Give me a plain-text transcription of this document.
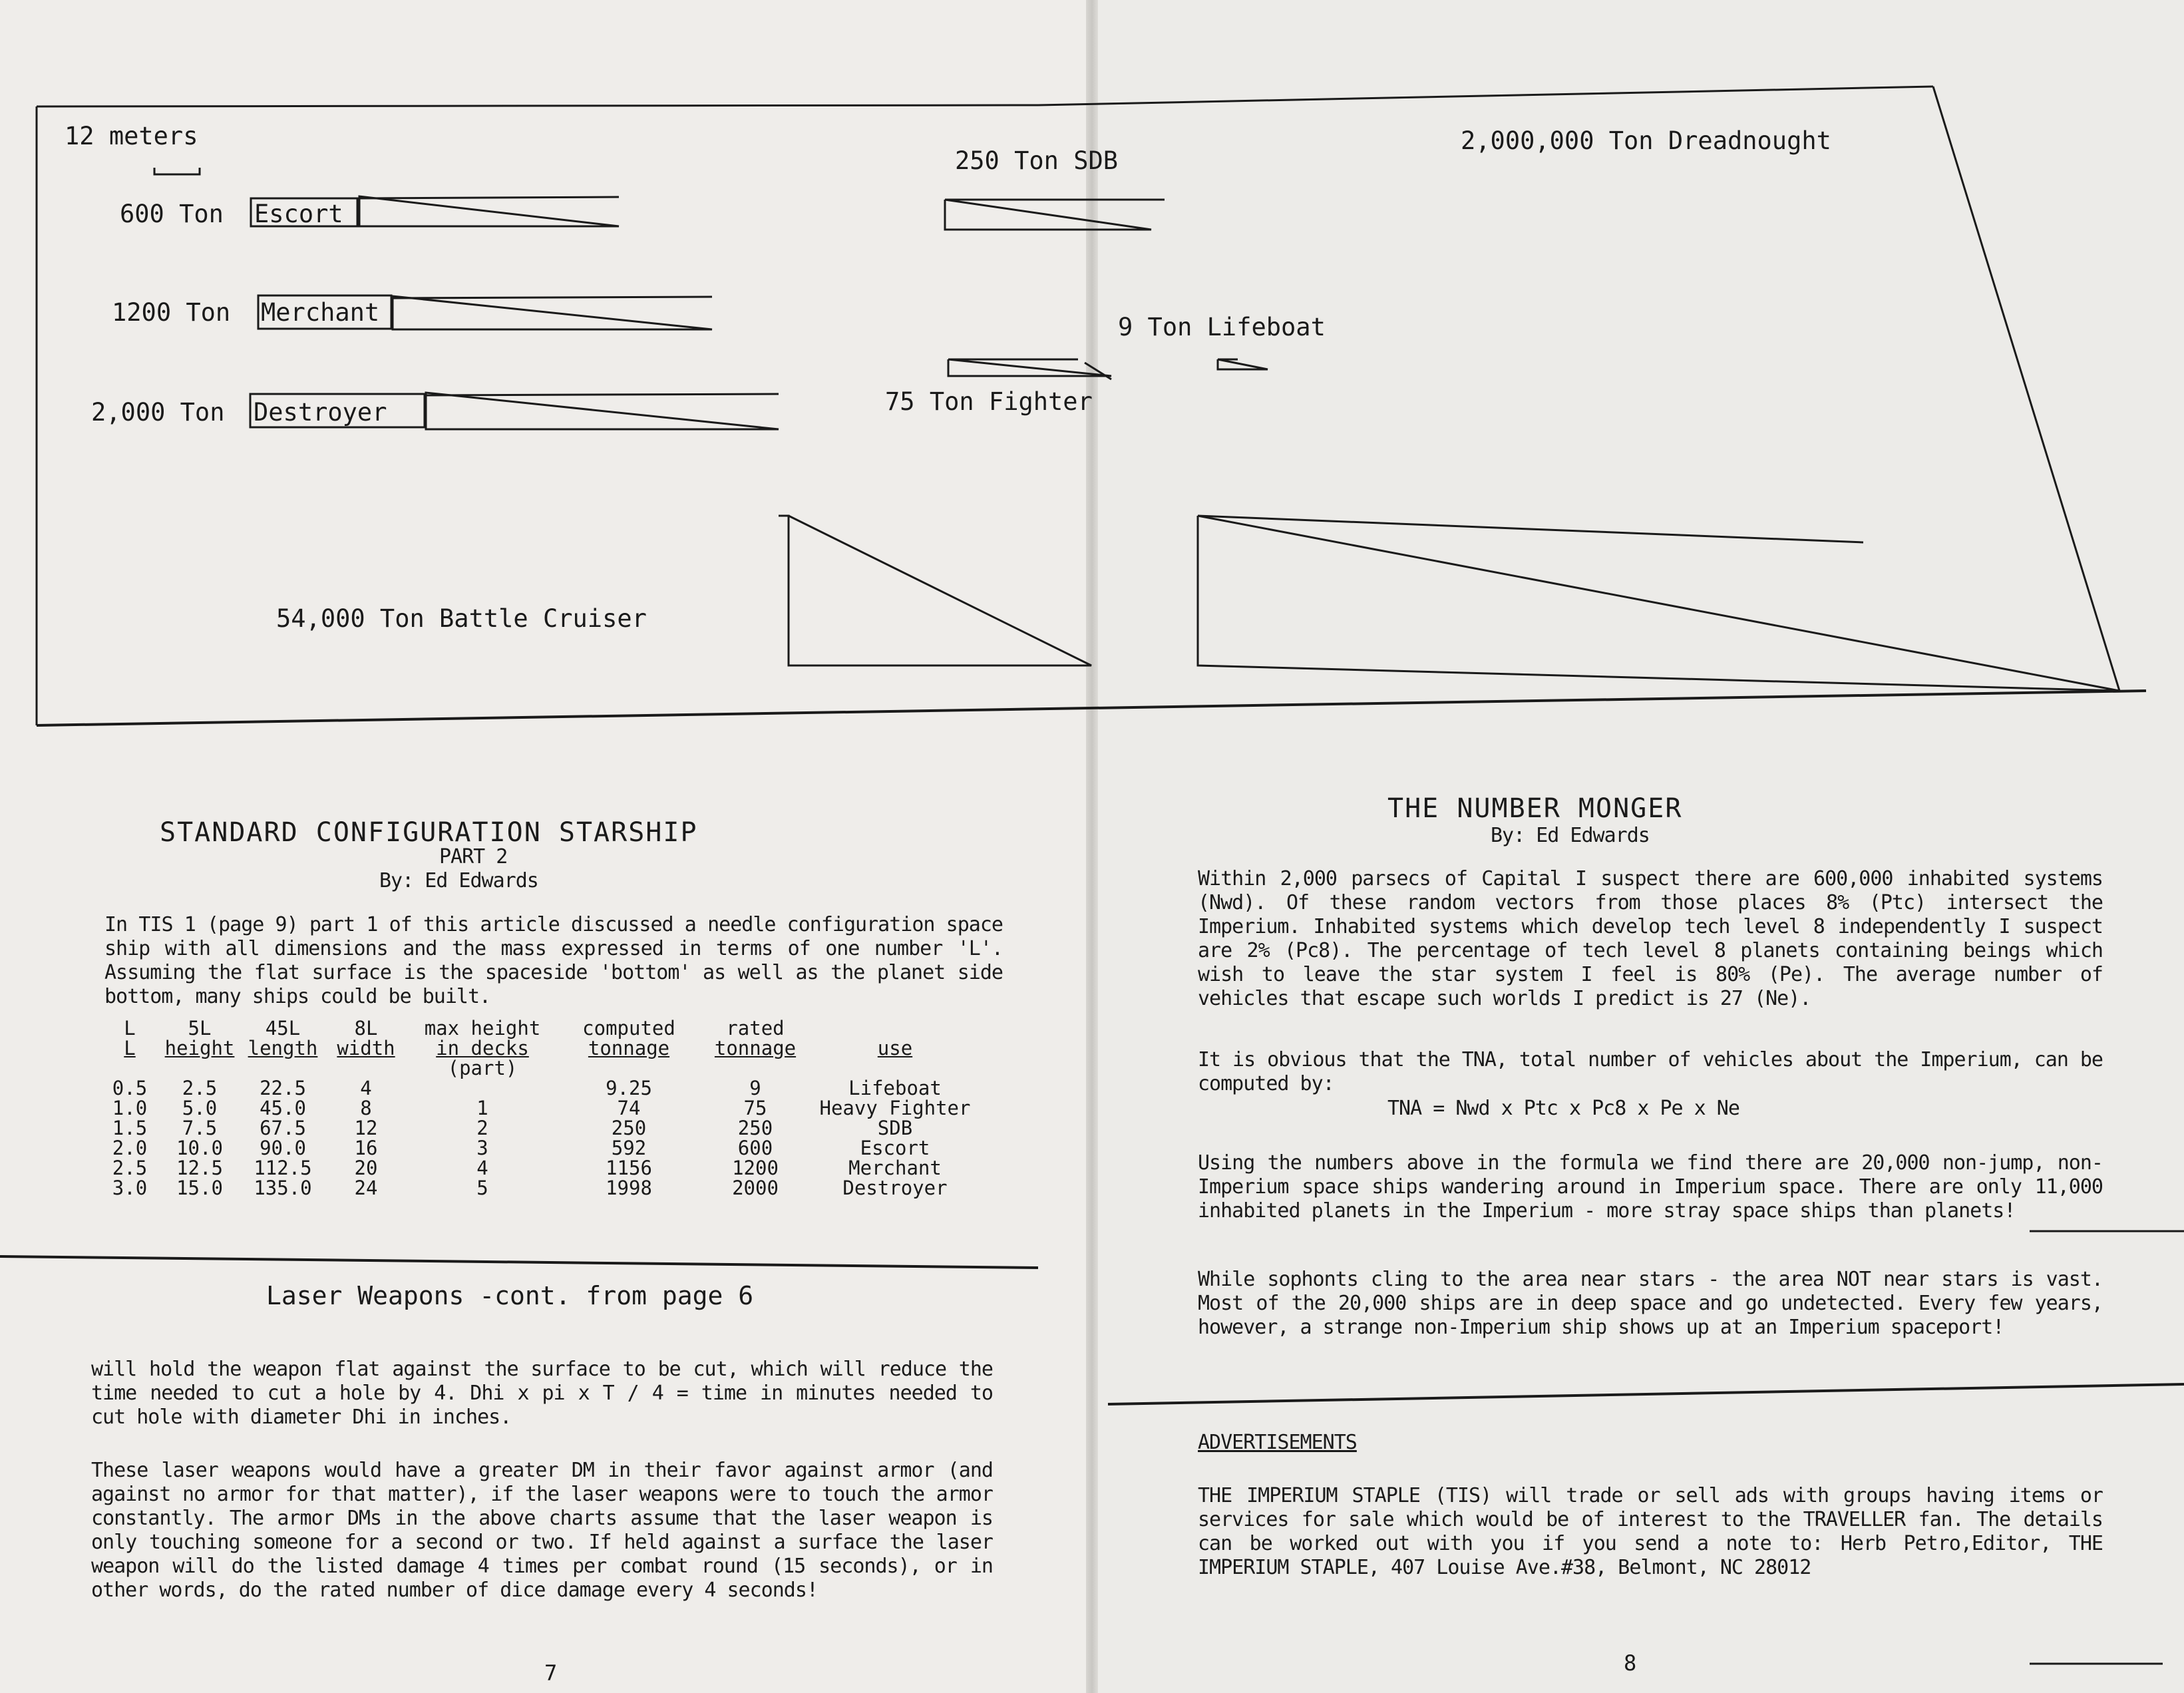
12 meters
600 Ton Escort
1200 Ton Merchant
2,000 Ton Destroyer
54,000 Ton Battle Cruiser
250 Ton SDB
9 Ton Lifeboat
75 Ton Fighter
2,000,000 Ton Dreadnought
STANDARD CONFIGURATION STARSHIP
PART 2
By: Ed Edwards
In TIS 1 (page 9) part 1 of this article discussed a needle configuration space ship with all dimensions and the mass expressed in terms of one number 'L'. Assuming the flat surface is the spaceside 'bottom' as well as the planet side bottom, many ships could be built.
L	5L	45L	8L	max height	computed	rated	
L	height	length	width	in decks	tonnage	tonnage	use
				(part)			
0.5	2.5	22.5	4		9.25	9	Lifeboat
1.0	5.0	45.0	8	1	74	75	Heavy Fighter
1.5	7.5	67.5	12	2	250	250	SDB
2.0	10.0	90.0	16	3	592	600	Escort
2.5	12.5	112.5	20	4	1156	1200	Merchant
3.0	15.0	135.0	24	5	1998	2000	Destroyer
Laser Weapons -cont. from page 6
will hold the weapon flat against the surface to be cut, which will reduce the time needed to cut a hole by 4. Dhi x pi x T / 4 = time in minutes needed to cut hole with diameter Dhi in inches.
These laser weapons would have a greater DM in their favor against armor (and against no armor for that matter), if the laser weapons were to touch the armor constantly. The armor DMs in the above charts assume that the laser weapon is only touching someone for a second or two. If held against a surface the laser weapon will do the listed damage 4 times per combat round (15 seconds), or in other words, do the rated number of dice damage every 4 seconds!
7
THE NUMBER MONGER
By: Ed Edwards
Within 2,000 parsecs of Capital I suspect there are 600,000 inhabited systems (Nwd). Of these random vectors from those places 8% (Ptc) intersect the Imperium. Inhabited systems which develop tech level 8 independently I suspect are 2% (Pc8). The percentage of tech level 8 planets containing beings which wish to leave the star system I feel is 80% (Pe). The average number of vehicles that escape such worlds I predict is 27 (Ne).
It is obvious that the TNA, total number of vehicles about the Imperium, can be computed by:
TNA = Nwd x Ptc x Pc8 x Pe x Ne
Using the numbers above in the formula we find there are 20,000 non-jump, non-Imperium space ships wandering around in Imperium space. There are only 11,000 inhabited planets in the Imperium - more stray space ships than planets!
While sophonts cling to the area near stars - the area NOT near stars is vast. Most of the 20,000 ships are in deep space and go undetected. Every few years, however, a strange non-Imperium ship shows up at an Imperium spaceport!
ADVERTISEMENTS
THE IMPERIUM STAPLE (TIS) will trade or sell ads with groups having items or services for sale which would be of interest to the TRAVELLER fan. The details can be worked out with you if you send a note to: Herb Petro,Editor, THE IMPERIUM STAPLE, 407 Louise Ave.#38, Belmont, NC 28012
8
